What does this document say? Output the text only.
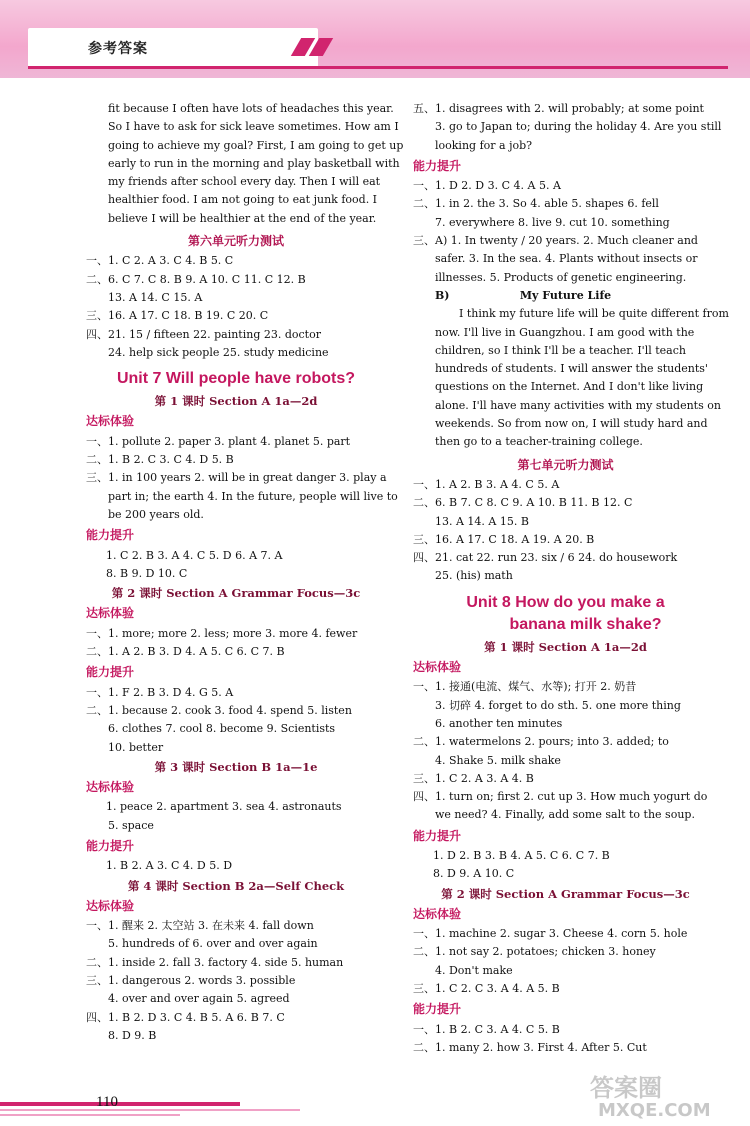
参考答案

fit because I often have lots of headaches this year.

So I have to ask for sick leave sometimes. How am I

going to achieve my goal? First, I am going to get up

early to run in the morning and play basketball with

my friends after school every day. Then I will eat

healthier food. I am not going to eat junk food. I

believe I will be healthier at the end of the year.

第六单元听力测试

一、1. C 2. A 3. C 4. B 5. C

二、6. C 7. C 8. B 9. A 10. C 11. C 12. B

13. A 14. C 15. A

三、16. A 17. C 18. B 19. C 20. C

四、21. 15 / fifteen 22. painting 23. doctor

24. help sick people 25. study medicine

Unit 7 Will people have robots?
第 1 课时 Section A 1a—2d
达标体验

一、1. pollute 2. paper 3. plant 4. planet 5. part

二、1. B 2. C 3. C 4. D 5. B

三、1. in 100 years 2. will be in great danger 3. play a

part in; the earth 4. In the future, people will live to

be 200 years old.

能力提升

1. C 2. B 3. A 4. C 5. D 6. A 7. A

8. B 9. D 10. C

第 2 课时 Section A Grammar Focus—3c
达标体验

一、1. more; more 2. less; more 3. more 4. fewer

二、1. A 2. B 3. D 4. A 5. C 6. C 7. B

能力提升

一、1. F 2. B 3. D 4. G 5. A

二、1. because 2. cook 3. food 4. spend 5. listen

6. clothes 7. cool 8. become 9. Scientists

10. better

第 3 课时 Section B 1a—1e
达标体验

1. peace 2. apartment 3. sea 4. astronauts

5. space

能力提升

1. B 2. A 3. C 4. D 5. D

第 4 课时 Section B 2a—Self Check
达标体验

一、1. 醒来 2. 太空站 3. 在未来 4. fall down

5. hundreds of 6. over and over again

二、1. inside 2. fall 3. factory 4. side 5. human

三、1. dangerous 2. words 3. possible

4. over and over again 5. agreed

四、1. B 2. D 3. C 4. B 5. A 6. B 7. C

8. D 9. B

五、1. disagrees with 2. will probably; at some point

3. go to Japan to; during the holiday 4. Are you still

looking for a job?

能力提升

一、1. D 2. D 3. C 4. A 5. A

二、1. in 2. the 3. So 4. able 5. shapes 6. fell

7. everywhere 8. live 9. cut 10. something

三、A) 1. In twenty / 20 years. 2. Much cleaner and

safer. 3. In the sea. 4. Plants without insects or

illnesses. 5. Products of genetic engineering.

B)	My Future Life

I think my future life will be quite different from

now. I'll live in Guangzhou. I am good with the

children, so I think I'll be a teacher. I'll teach

hundreds of students. I will answer the students'

questions on the Internet. And I don't like living

alone. I'll have many activities with my students on

weekends. So from now on, I will study hard and

then go to a teacher-training college.

第七单元听力测试

一、1. A 2. B 3. A 4. C 5. A

二、6. B 7. C 8. C 9. A 10. B 11. B 12. C

13. A 14. A 15. B

三、16. A 17. C 18. A 19. A 20. B

四、21. cat 22. run 23. six / 6 24. do housework

25. (his) math

Unit 8 How do you make a
banana milk shake?
第 1 课时 Section A 1a—2d
达标体验

一、1. 接通(电流、煤气、水等); 打开 2. 奶昔

3. 切碎 4. forget to do sth. 5. one more thing

6. another ten minutes

二、1. watermelons 2. pours; into 3. added; to

4. Shake 5. milk shake

三、1. C 2. A 3. A 4. B

四、1. turn on; first 2. cut up 3. How much yogurt do

we need? 4. Finally, add some salt to the soup.

能力提升

1. D 2. B 3. B 4. A 5. C 6. C 7. B

8. D 9. A 10. C

第 2 课时 Section A Grammar Focus—3c
达标体验

一、1. machine 2. sugar 3. Cheese 4. corn 5. hole

二、1. not say 2. potatoes; chicken 3. honey

4. Don't make

三、1. C 2. C 3. A 4. A 5. B

能力提升

一、1. B 2. C 3. A 4. C 5. B

二、1. many 2. how 3. First 4. After 5. Cut

110	答案圈
MXQE.COM
